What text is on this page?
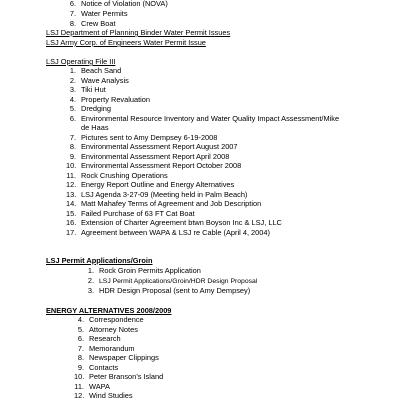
6. Notice of Violation (NOVA)
7. Water Permits
8. Crew Boat
LSJ Department of Planning Binder Water Permit Issues
LSJ Army Corp. of Engineers Water Permit Issue
LSJ Operating File III
1. Beach Sand
2. Wave Analysis
3. Tiki Hut
4. Property Revaluation
5. Dredging
6. Environmental Resource Inventory and Water Quality Impact Assessment/Mike
de Haas
7. Pictures sent to Amy Dempsey 6-19-2008
8. Environmental Assessment Report August 2007
9. Environmental Assessment Report April 2008
10. Environmental Assessment Report October 2008
11. Rock Crushing Operations
12. Energy Report Outline and Energy Alternatives
13. LSJ Agenda 3-27-09 (Meeting held in Palm Beach)
14. Matt Mahafey Terms of Agreement and Job Description
15. Failed Purchase of 63 FT Cat Boat
16. Extension of Charter Agreement btwn Boyson Inc & LSJ, LLC
17. Agreement between WAPA & LSJ re Cable (April 4, 2004)
LSJ Permit Applications/Groin
1. Rock Groin Permits Application
2. LSJ Permit Applications/Groin/HDR Design Proposal
3. HDR Design Proposal (sent to Amy Dempsey)
ENERGY ALTERNATIVES 2008/2009
4. Correspondence
5. Attorney Notes
6. Research
7. Memorandum
8. Newspaper Clippings
9. Contacts
10. Peter Branson’s Island
11. WAPA
12. Wind Studies
